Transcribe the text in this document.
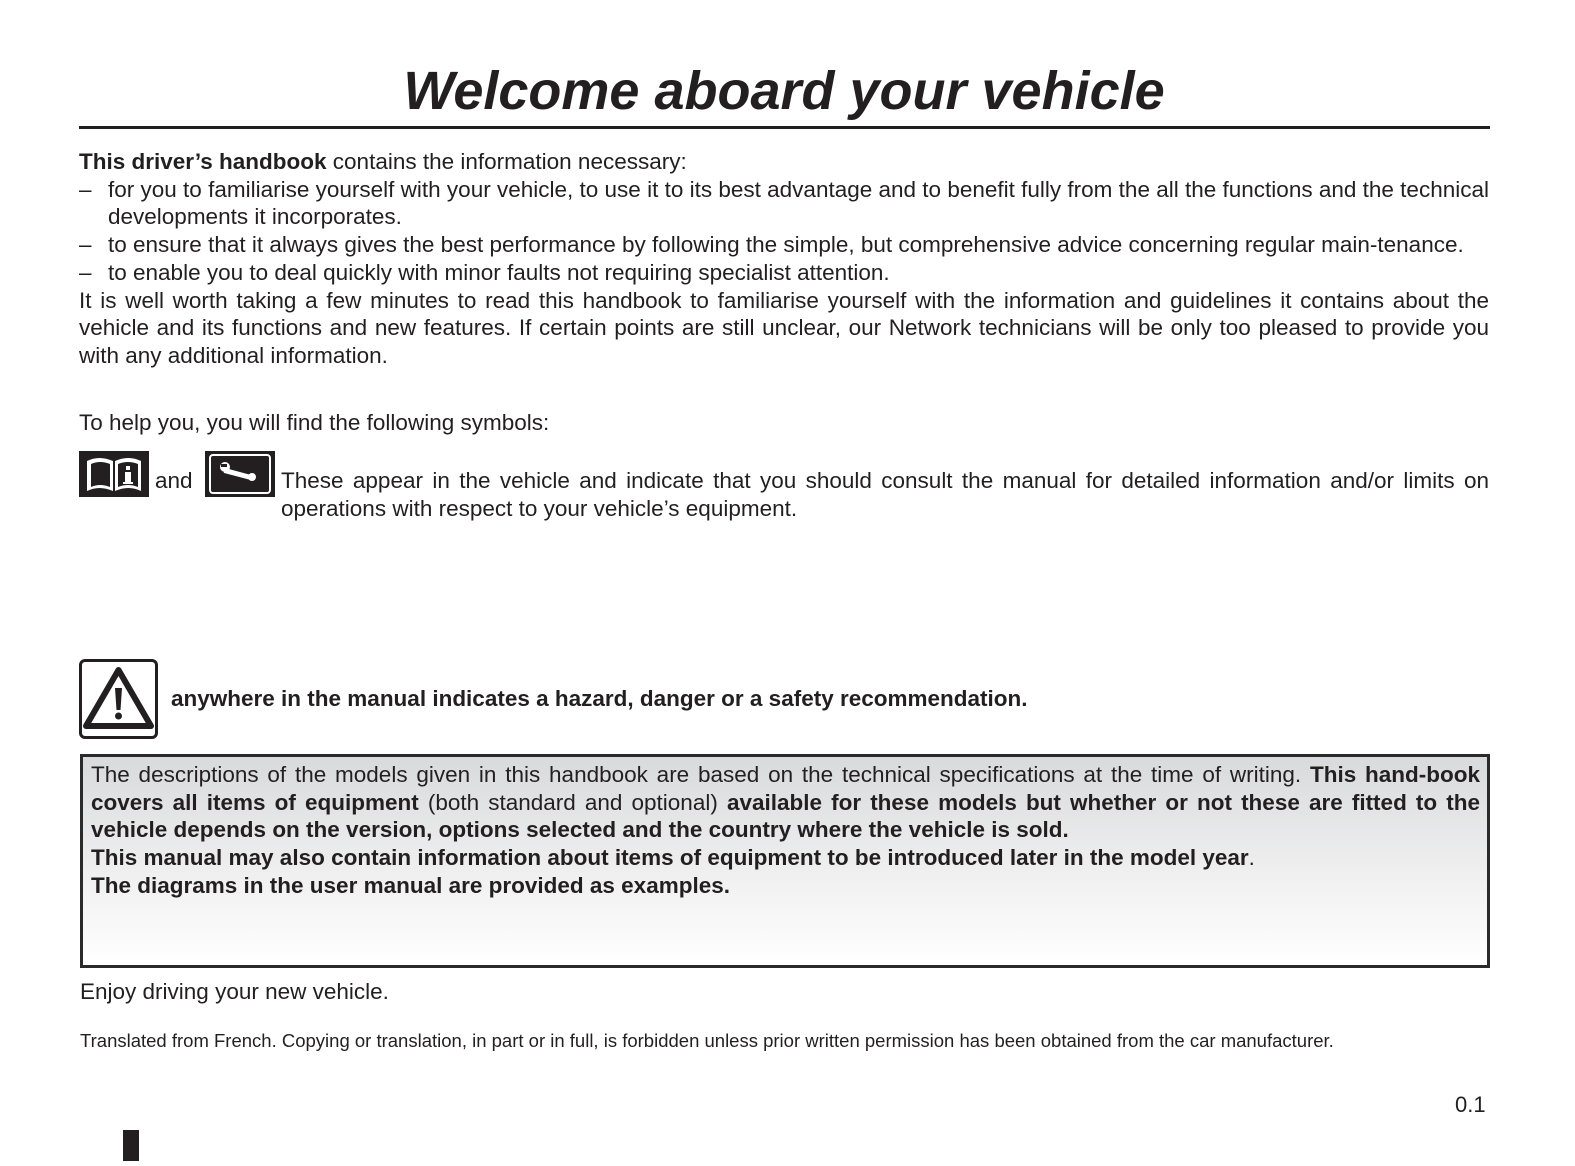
Welcome aboard your vehicle

This driver’s handbook contains the information necessary:

– for you to familiarise yourself with your vehicle, to use it to its best advantage and to benefit fully from the all the functions and the technical developments it incorporates.
– to ensure that it always gives the best performance by following the simple, but comprehensive advice concerning regular main-tenance.
– to enable you to deal quickly with minor faults not requiring specialist attention.

It is well worth taking a few minutes to read this handbook to familiarise yourself with the information and guidelines it contains about the vehicle and its functions and new features. If certain points are still unclear, our Network technicians will be only too pleased to provide you with any additional information.

To help you, you will find the following symbols:
and	These appear in the vehicle and indicate that you should consult the manual for detailed information and/or limits on operations with respect to your vehicle’s equipment.
anywhere in the manual indicates a hazard, danger or a safety recommendation.

The descriptions of the models given in this handbook are based on the technical specifications at the time of writing. This hand-book covers all items of equipment (both standard and optional) available for these models but whether or not these are fitted to the vehicle depends on the version, options selected and the country where the vehicle is sold.

This manual may also contain information about items of equipment to be introduced later in the model year.

The diagrams in the user manual are provided as examples.

Enjoy driving your new vehicle.
Translated from French. Copying or translation, in part or in full, is forbidden unless prior written permission has been obtained from the car manufacturer.
0.1
